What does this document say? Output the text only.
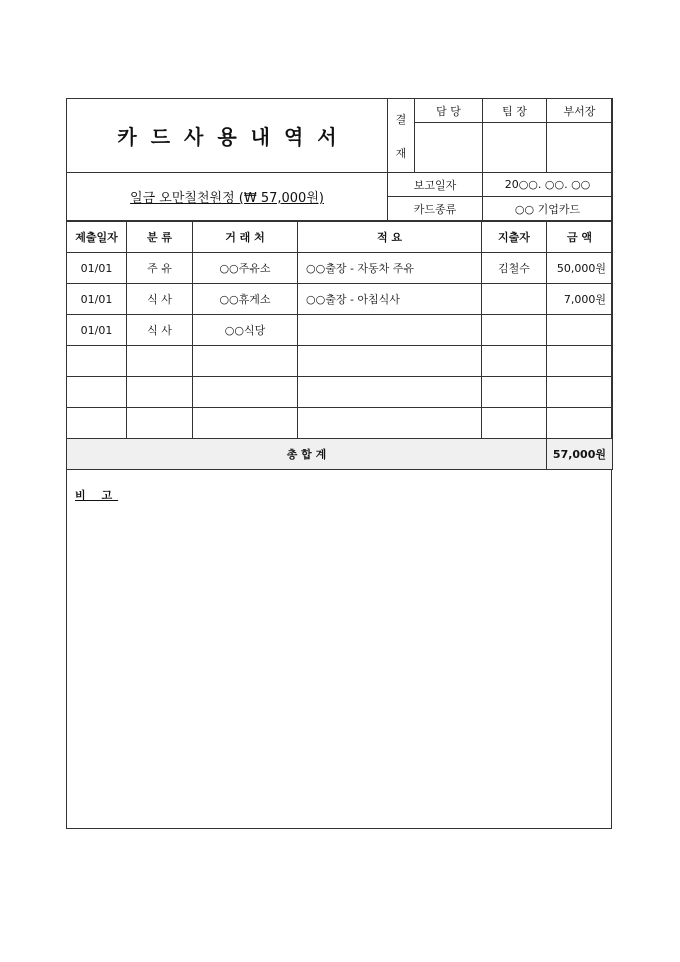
카드사용내역서	결
재	담 당	팀 장	부서장

일금 오만칠천원정 (₩ 57,000원)	보고일자		20○○. ○○. ○○	
	카드종류		○○ 기업카드	
제출일자	분 류	거 래 처	적 요	지출자	금 액
01/01	주 유	○○주유소	○○출장 - 자동차 주유	김철수	50,000원
01/01	식 사	○○휴게소	○○출장 - 아침식사		7,000원
01/01	식 사	○○식당			

총 합 계					57,000원
비 고
